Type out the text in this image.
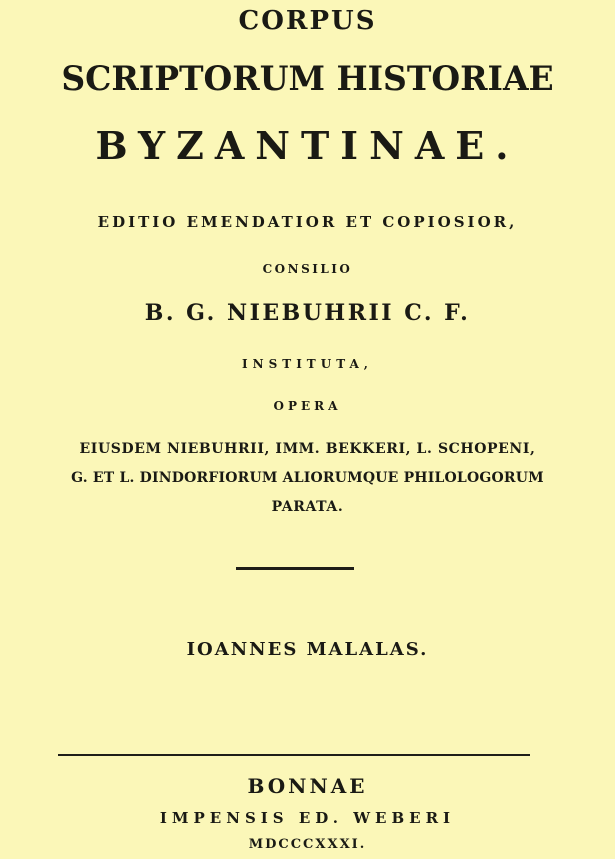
CORPUS
SCRIPTORUM HISTORIAE
BYZANTINAE.
EDITIO EMENDATIOR ET COPIOSIOR,
CONSILIO
B. G. NIEBUHRII C. F.
INSTITUTA,
OPERA
EIUSDEM NIEBUHRII, IMM. BEKKERI, L. SCHOPENI,
G. ET L. DINDORFIORUM ALIORUMQUE PHILOLOGORUM
PARATA.
IOANNES MALALAS.
BONNAE
IMPENSIS ED. WEBERI
MDCCCXXXI.
